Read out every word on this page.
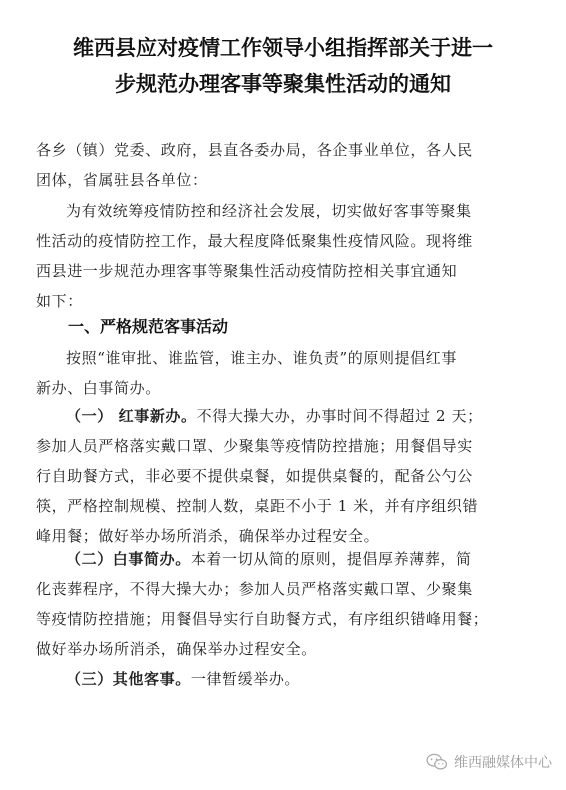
维西县应对疫情工作领导小组指挥部关于进一
步规范办理客事等聚集性活动的通知

各乡（镇）党委、政府，县直各委办局，各企事业单位，各人民
团体，省属驻县各单位：

为有效统筹疫情防控和经济社会发展，切实做好客事等聚集
性活动的疫情防控工作，最大程度降低聚集性疫情风险。现将维
西县进一步规范办理客事等聚集性活动疫情防控相关事宜通知
如下：

一、严格规范客事活动

按照“谁审批、谁监管，谁主办、谁负责”的原则提倡红事
新办、白事简办。

（一） 红事新办。不得大操大办，办事时间不得超过 2 天；
参加人员严格落实戴口罩、少聚集等疫情防控措施；用餐倡导实
行自助餐方式，非必要不提供桌餐，如提供桌餐的，配备公勺公
筷，严格控制规模、控制人数，桌距不小于 1 米，并有序组织错
峰用餐；做好举办场所消杀，确保举办过程安全。

（二）白事简办。本着一切从简的原则，提倡厚养薄葬，简
化丧葬程序，不得大操大办；参加人员严格落实戴口罩、少聚集
等疫情防控措施；用餐倡导实行自助餐方式，有序组织错峰用餐；
做好举办场所消杀，确保举办过程安全。

（三）其他客事。一律暂缓举办。

维西融媒体中心
